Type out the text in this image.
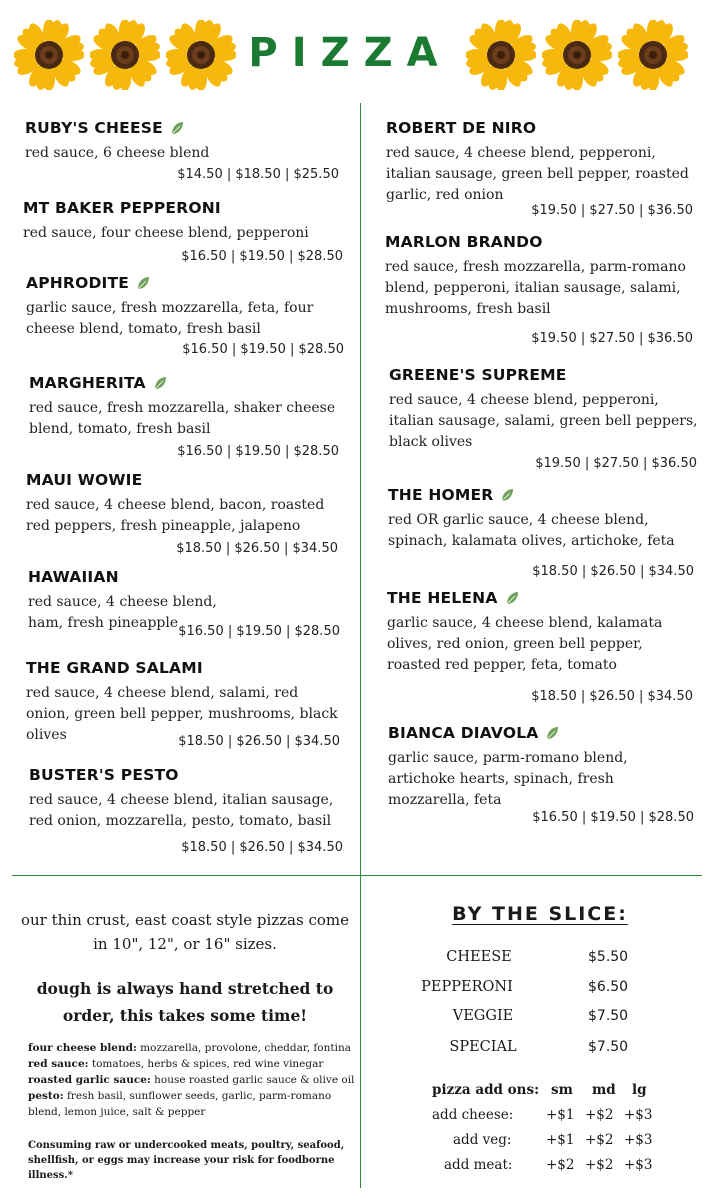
PIZZA
RUBY'S CHEESE
red sauce, 6 cheese blend
$14.50 | $18.50 | $25.50
MT BAKER PEPPERONI
red sauce, four cheese blend, pepperoni
$16.50 | $19.50 | $28.50
APHRODITE
garlic sauce, fresh mozzarella, feta, four cheese blend, tomato, fresh basil
$16.50 | $19.50 | $28.50
MARGHERITA
red sauce, fresh mozzarella, shaker cheese blend, tomato, fresh basil
$16.50 | $19.50 | $28.50
MAUI WOWIE
red sauce, 4 cheese blend, bacon, roasted red peppers, fresh pineapple, jalapeno
$18.50 | $26.50 | $34.50
HAWAIIAN
red sauce, 4 cheese blend, ham, fresh pineapple
$16.50 | $19.50 | $28.50
THE GRAND SALAMI
red sauce, 4 cheese blend, salami, red onion, green bell pepper, mushrooms, black olives	$18.50 | $26.50 | $34.50
BUSTER'S PESTO
red sauce, 4 cheese blend, italian sausage, red onion, mozzarella, pesto, tomato, basil
$18.50 | $26.50 | $34.50
ROBERT DE NIRO
red sauce, 4 cheese blend, pepperoni, italian sausage, green bell pepper, roasted garlic, red onion
$19.50 | $27.50 | $36.50
MARLON BRANDO
red sauce, fresh mozzarella, parm-romano blend, pepperoni, italian sausage, salami, mushrooms, fresh basil
$19.50 | $27.50 | $36.50
GREENE'S SUPREME
red sauce, 4 cheese blend, pepperoni, italian sausage, salami, green bell peppers, black olives
$19.50 | $27.50 | $36.50
THE HOMER
red OR garlic sauce, 4 cheese blend, spinach, kalamata olives, artichoke, feta
$18.50 | $26.50 | $34.50
THE HELENA
garlic sauce, 4 cheese blend, kalamata olives, red onion, green bell pepper, roasted red pepper, feta, tomato
$18.50 | $26.50 | $34.50
BIANCA DIAVOLA
garlic sauce, parm-romano blend, artichoke hearts, spinach, fresh mozzarella, feta
$16.50 | $19.50 | $28.50
our thin crust, east coast style pizzas come in 10", 12", or 16" sizes.
dough is always hand stretched to order, this takes some time!
four cheese blend: mozzarella, provolone, cheddar, fontina
red sauce: tomatoes, herbs & spices, red wine vinegar
roasted garlic sauce: house roasted garlic sauce & olive oil
pesto: fresh basil, sunflower seeds, garlic, parm-romano blend, lemon juice, salt & pepper
Consuming raw or undercooked meats, poultry, seafood, shellfish, or eggs may increase your risk for foodborne illness.*
BY THE SLICE:
CHEESE	$5.50
PEPPERONI	$6.50
VEGGIE	$7.50
SPECIAL	$7.50
pizza add ons: sm md lg
add cheese: +$1 +$2 +$3
add veg:	+$1 +$2 +$3
add meat: +$2 +$2 +$3
